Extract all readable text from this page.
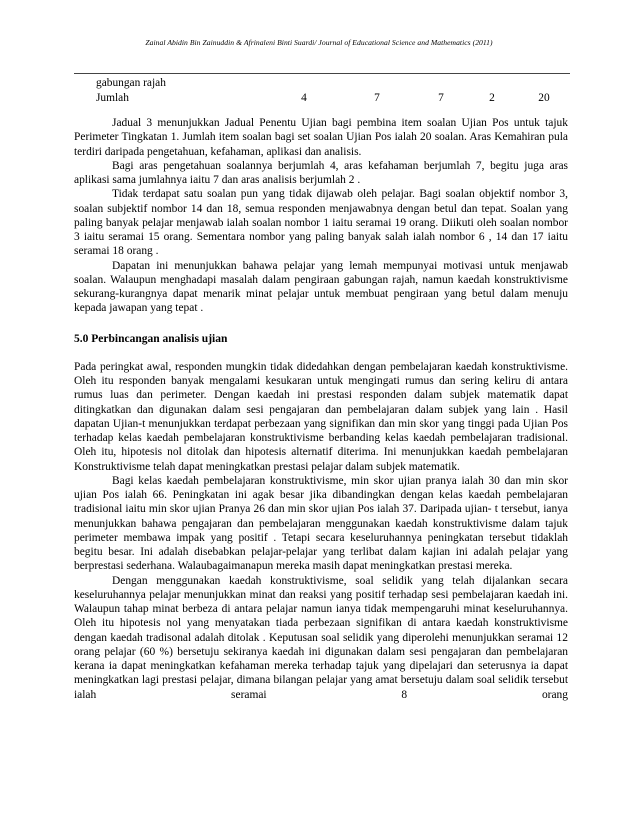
Zainal Abidin Bin Zainuddin & Afrinaleni Binti Suardi/ Journal of Educational Science and Mathematics (2011)
gabungan rajah
Jumlah	4	7	7	2	20

Jadual 3 menunjukkan Jadual Penentu Ujian bagi pembina item soalan Ujian Pos untuk tajuk Perimeter Tingkatan 1. Jumlah item soalan bagi set soalan Ujian Pos ialah 20 soalan. Aras Kemahiran pula terdiri daripada pengetahuan, kefahaman, aplikasi dan analisis.

Bagi aras pengetahuan soalannya berjumlah 4, aras kefahaman berjumlah 7, begitu juga aras aplikasi sama jumlahnya iaitu 7 dan aras analisis berjumlah 2 .

Tidak terdapat satu soalan pun yang tidak dijawab oleh pelajar. Bagi soalan objektif nombor 3, soalan subjektif nombor 14 dan 18, semua responden menjawabnya dengan betul dan tepat. Soalan yang paling banyak pelajar menjawab ialah soalan nombor 1 iaitu seramai 19 orang. Diikuti oleh soalan nombor 3 iaitu seramai 15 orang. Sementara nombor yang paling banyak salah ialah nombor 6 , 14 dan 17 iaitu seramai 18 orang .

Dapatan ini menunjukkan bahawa pelajar yang lemah mempunyai motivasi untuk menjawab soalan. Walaupun menghadapi masalah dalam pengiraan gabungan rajah, namun kaedah konstruktivisme sekurang-kurangnya dapat menarik minat pelajar untuk membuat pengiraan yang betul dalam menuju kepada jawapan yang tepat .

5.0 Perbincangan analisis ujian

Pada peringkat awal, responden mungkin tidak didedahkan dengan pembelajaran kaedah konstruktivisme. Oleh itu responden banyak mengalami kesukaran untuk mengingati rumus dan sering keliru di antara rumus luas dan perimeter. Dengan kaedah ini prestasi responden dalam subjek matematik dapat ditingkatkan dan digunakan dalam sesi pengajaran dan pembelajaran dalam subjek yang lain . Hasil dapatan Ujian-t menunjukkan terdapat perbezaan yang signifikan dan min skor yang tinggi pada Ujian Pos terhadap kelas kaedah pembelajaran konstruktivisme berbanding kelas kaedah pembelajaran tradisional. Oleh itu, hipotesis nol ditolak dan hipotesis alternatif diterima. Ini menunjukkan kaedah pembelajaran Konstruktivisme telah dapat meningkatkan prestasi pelajar dalam subjek matematik.

Bagi kelas kaedah pembelajaran konstruktivisme, min skor ujian pranya ialah 30 dan min skor ujian Pos ialah 66. Peningkatan ini agak besar jika dibandingkan dengan kelas kaedah pembelajaran tradisional iaitu min skor ujian Pranya 26 dan min skor ujian Pos ialah 37. Daripada ujian- t tersebut, ianya menunjukkan bahawa pengajaran dan pembelajaran menggunakan kaedah konstruktivisme dalam tajuk perimeter membawa impak yang positif . Tetapi secara keseluruhannya peningkatan tersebut tidaklah begitu besar. Ini adalah disebabkan pelajar-pelajar yang terlibat dalam kajian ini adalah pelajar yang berprestasi sederhana. Walaubagaimanapun mereka masih dapat meningkatkan prestasi mereka.

Dengan menggunakan kaedah konstruktivisme, soal selidik yang telah dijalankan secara keseluruhannya pelajar menunjukkan minat dan reaksi yang positif terhadap sesi pembelajaran kaedah ini. Walaupun tahap minat berbeza di antara pelajar namun ianya tidak mempengaruhi minat keseluruhannya. Oleh itu hipotesis nol yang menyatakan tiada perbezaan signifikan di antara kaedah konstruktivisme dengan kaedah tradisonal adalah ditolak . Keputusan soal selidik yang diperolehi menunjukkan seramai 12 orang pelajar (60 %) bersetuju sekiranya kaedah ini digunakan dalam sesi pengajaran dan pembelajaran kerana ia dapat meningkatkan kefahaman mereka terhadap tajuk yang dipelajari dan seterusnya ia dapat meningkatkan lagi prestasi pelajar, dimana bilangan pelajar yang amat bersetuju dalam soal selidik tersebut ialah seramai 8 orang
